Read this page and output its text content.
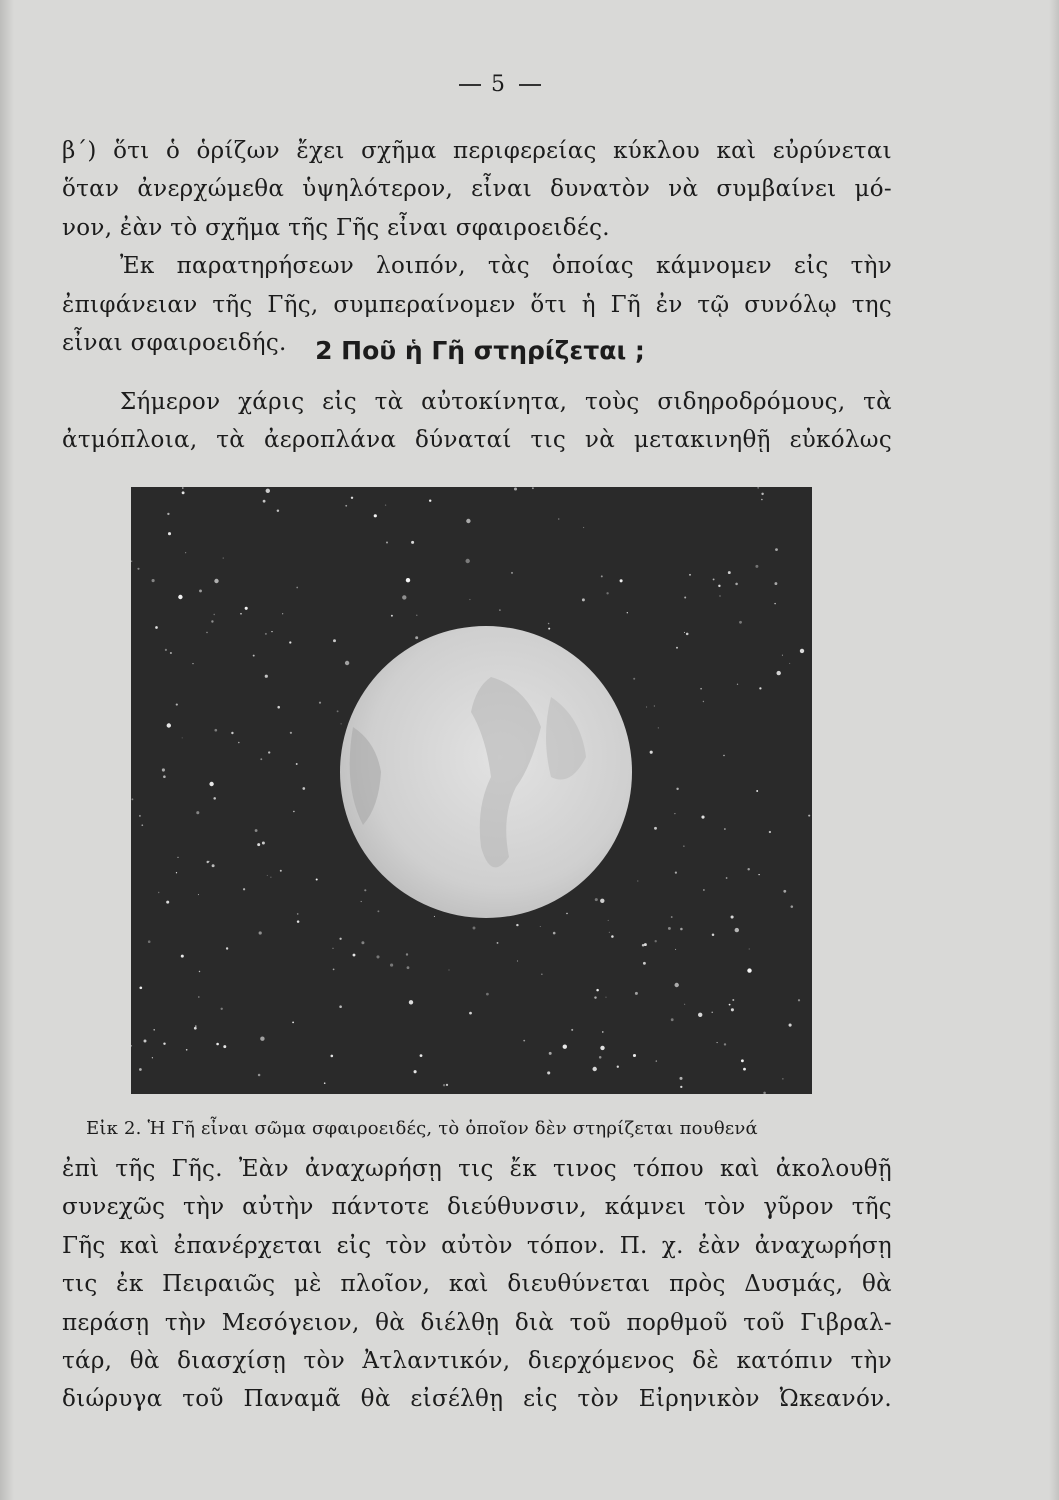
5
β΄) ὅτι ὁ ὁρίζων ἔχει σχῆμα περιφερείας κύκλου καὶ εὐρύνεται
ὅταν ἀνερχώμεθα ὑψηλότερον, εἶναι δυνατὸν νὰ συμβαίνει μό-
νον, ἐὰν τὸ σχῆμα τῆς Γῆς εἶναι σφαιροειδές.
Ἐκ παρατηρήσεων λοιπόν, τὰς ὁποίας κάμνομεν εἰς τὴν
ἐπιφάνειαν τῆς Γῆς, συμπεραίνομεν ὅτι ἡ Γῆ ἐν τῷ συνόλῳ της
εἶναι σφαιροειδής.	2 Ποῦ ἡ Γῆ στηρίζεται ;
Σήμερον χάρις εἰς τὰ αὐτοκίνητα, τοὺς σιδηροδρόμους, τὰ
ἀτμόπλοια, τὰ ἀεροπλάνα δύναταί τις νὰ μετακινηθῇ εὐκόλως
Εἰκ 2. Ἡ Γῆ εἶναι σῶμα σφαιροειδές, τὸ ὁποῖον δὲν στηρίζεται πουθενά
ἐπὶ τῆς Γῆς. Ἐὰν ἀναχωρήσῃ τις ἔκ τινος τόπου καὶ ἀκολουθῇ
συνεχῶς τὴν αὐτὴν πάντοτε διεύθυνσιν, κάμνει τὸν γῦρον τῆς
Γῆς καὶ ἐπανέρχεται εἰς τὸν αὐτὸν τόπον. Π. χ. ἐὰν ἀναχωρήσῃ
τις ἐκ Πειραιῶς μὲ πλοῖον, καὶ διευθύνεται πρὸς Δυσμάς, θὰ
περάσῃ τὴν Μεσόγειον, θὰ διέλθῃ διὰ τοῦ πορθμοῦ τοῦ Γιβραλ-
τάρ, θὰ διασχίσῃ τὸν Ἀτλαντικόν, διερχόμενος δὲ κατόπιν τὴν
διώρυγα τοῦ Παναμᾶ θὰ εἰσέλθῃ εἰς τὸν Εἰρηνικὸν Ὠκεανόν.
